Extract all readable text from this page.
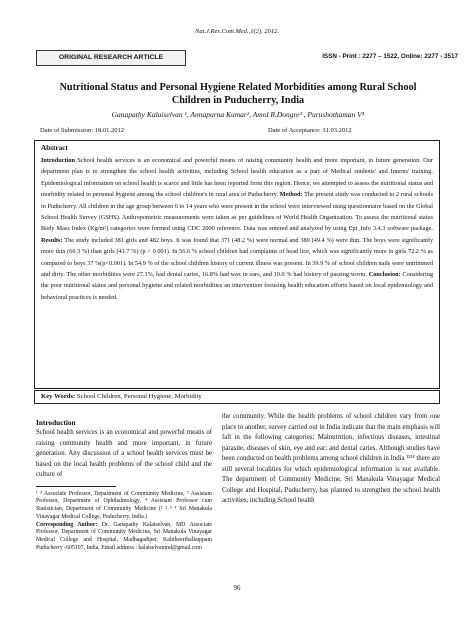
Nat.J.Res.Com.Med.,1(2), 2012.
ORIGINAL RESEARCH ARTICLE	ISSN - Print : 2277 – 1522, Online: 2277 - 3517
Nutritional Status and Personal Hygiene Related Morbidities among Rural School Children in Puducherry, India
Ganapathy Kalaiselvan ¹, Annapurna Kumar², Amol R.Dongre³ , Purushothaman V⁴
Date of Submission: 18.01.2012	Date of Acceptance: 31.03.2012
Abstract

Introduction School health services is an economical and powerful means of raising community health and more important, in future generation. Our department plan is to strengthen the school health activities, including School health education as a part of Medical students' and Interns' training. Epidemiological information on school health is scarce and little has been reported from this region. Hence, we attempted to assess the nutritional status and morbidity related to personal hygiene among the school children's in rural area of Puducherry. Method: The present study was conducted in 2 rural schools in Puducherry. All children in the age group between 6 to 14 years who were present in the school were interviewed using questionnaire based on the Global School Health Survey (GSHS). Anthropometric measurements were taken as per guidelines of World Health Organization. To assess the nutritional status Body Mass Index (Kg/m²) categories were formed using CDC 2000 reference. Data was entered and analyzed by using Epi_Info 3.4.3 software package. Results: The study included 381 girls and 482 boys. It was found that 371 (48.2 %) were normal and 380 (49.4 %) were thin. The boys were significantly more thin (60.3 %) than girls (41.7 %) (p < 0.001). In 56.6 % school children had complaints of head lice, which was significantly more in girls 72.2 % as compared to boys 37 %(p<0.001). In 54.9 % of the school children history of current illness was present. In 39.9 % of school children nails were untrimmed and dirty. The other morbidities were 27.1%, had dental caries, 16.8% had wax in ears, and 10.0 % had history of passing worm. Conclusion: Considering the poor nutritional status and personal hygiene and related morbidities an intervention focusing health education efforts based on local epidemiology and behavioral practices is needed.

Key Words: School Children, Personal Hygiene, Morbidity
Introduction

School health services is an economical and powerful means of raising community health and more important, in future generation. Any discussion of a school health services must be based on the local health problems of the school child and the culture of

¹ ³ Associate Professor, Department of Community Medicine, ² Assistant Professor, Department of Ophthalmology, ⁴ Assistant Professor cum Statistician, Department of Community Medicine (¹ ² ³ ⁴ Sri Manakula Vinayagar Medical College, Puducherry, India.)

Corresponding Author: Dr. Ganapathy Kalaiselvan, MD Associate Professor, Department of Community Medicine, Sri Manakula Vinayagar Medical College and Hospital, Madhagadipet, Kalitheerthalkuppam Puducherry -605107, India, Email address : kalaiselvanmd@gmail.com

the community. While the health problems of school children vary from one place to another, survey carried out in India indicate that the main emphasis will fall in the following categories: Malnutrition, infectious diseases, intestinal parasite, diseases of skin, eye and ear; and dental caries. Although studies have been conducted on health problems among school children in India ¹²³⁴ there are still several localities for which epidemiological information is not available. The department of Community Medicine, Sri Manakula Vinayagar Medical College and Hospital, Puducherry, has planned to strengthen the school health activities, including School health

96
